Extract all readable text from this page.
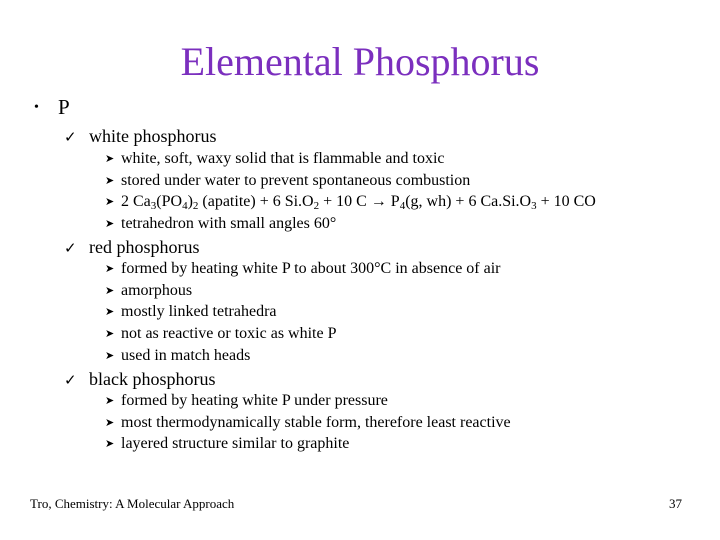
Elemental Phosphorus
• P
✓ white phosphorus
➤ white, soft, waxy solid that is flammable and toxic
➤ stored under water to prevent spontaneous combustion
➤ 2 $Ca_3(PO_4)_2$ (apatite) + 6 $Si.O_2 + 10$ $C \to P_4(g$, wh) + 6 $Ca.Si.O_3 + 10$ CO
➤ tetrahedron with small angles 60°
✓ red phosphorus
➤ formed by heating white P to about 300°C in absence of air
➤ amorphous
➤ mostly linked tetrahedra
➤ not as reactive or toxic as white P
➤ used in match heads
✓ black phosphorus
➤ formed by heating white P under pressure
➤ most thermodynamically stable form, therefore least reactive
➤ layered structure similar to graphite
Tro, Chemistry: A Molecular Approach	37
